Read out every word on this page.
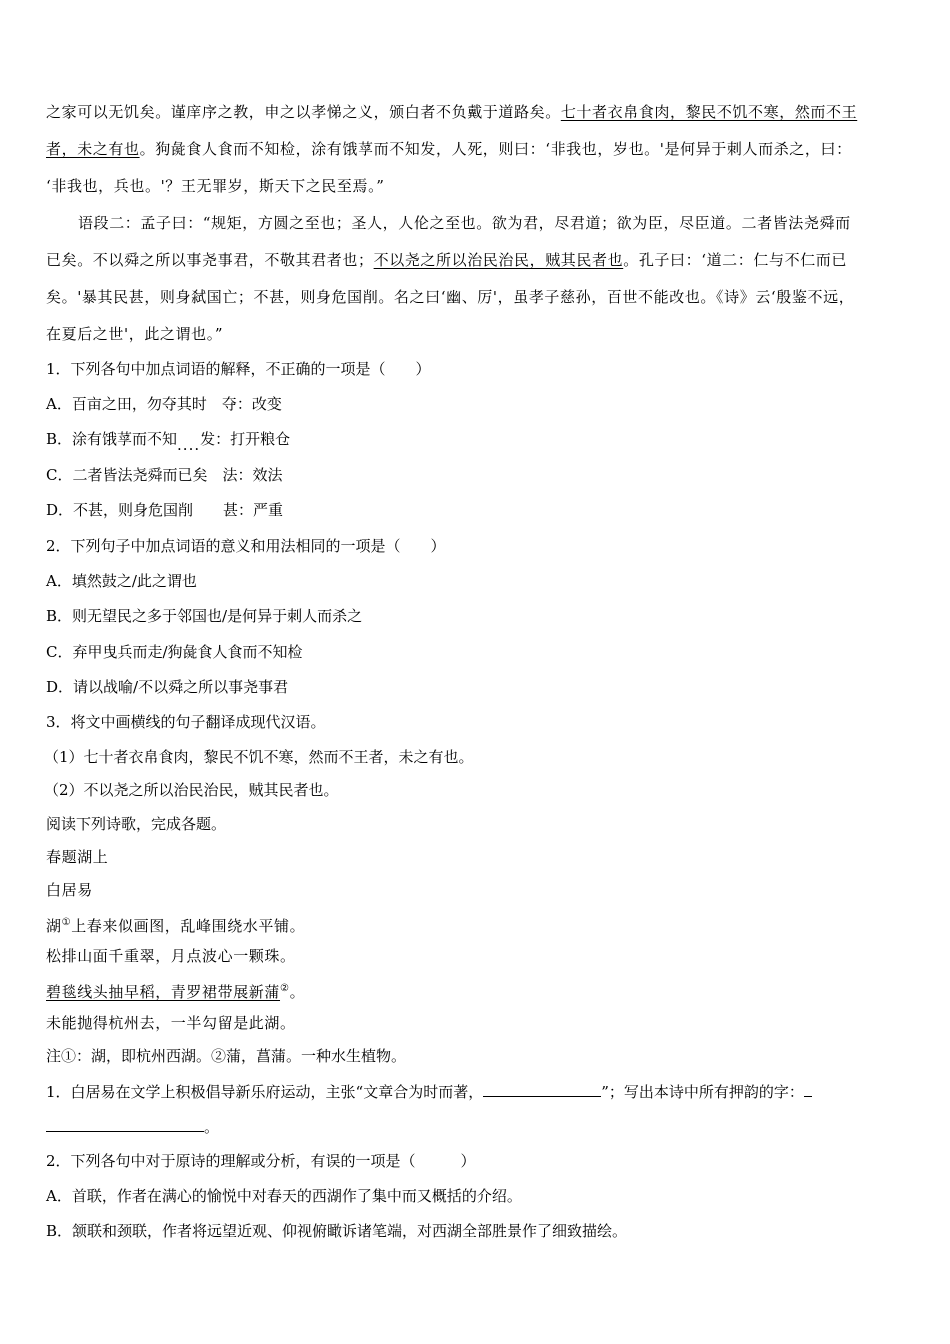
之家可以无饥矣。谨庠序之教，申之以孝悌之义，颁白者不负戴于道路矣。七十者衣帛食肉，黎民不饥不寒，然而不王
者，未之有也。狗彘食人食而不知检，涂有饿莩而不知发，人死，则曰：‘非我也，岁也。'是何异于刺人而杀之，曰：
‘非我也，兵也。'？王无罪岁，斯天下之民至焉。”
语段二：孟子曰：“规矩，方圆之至也；圣人，人伦之至也。欲为君，尽君道；欲为臣，尽臣道。二者皆法尧舜而
已矣。不以舜之所以事尧事君，不敬其君者也；不以尧之所以治民治民，贼其民者也。孔子曰：‘道二：仁与不仁而已
矣。'暴其民甚，则身弑国亡；不甚，则身危国削。名之曰‘幽、厉'，虽孝子慈孙，百世不能改也。《诗》云‘殷鉴不远，
在夏后之世'，此之谓也。”
1．下列各句中加点词语的解释，不正确的一项是（　　）
A．百亩之田，勿夺其时　夺：改变
B．涂有饿莩而不知....发：打开粮仓
C．二者皆法尧舜而已矣　法：效法
D．不甚，则身危国削　　甚：严重
2．下列句子中加点词语的意义和用法相同的一项是（　　）
A．填然鼓之/此之谓也
B．则无望民之多于邻国也/是何异于刺人而杀之
C．弃甲曳兵而走/狗彘食人食而不知检
D．请以战喻/不以舜之所以事尧事君
3．将文中画横线的句子翻译成现代汉语。
（1）七十者衣帛食肉，黎民不饥不寒，然而不王者，未之有也。
（2）不以尧之所以治民治民，贼其民者也。
阅读下列诗歌，完成各题。
春题湖上
白居易
湖①上春来似画图，乱峰围绕水平铺。
松排山面千重翠，月点波心一颗珠。
碧毯线头抽早稻，青罗裙带展新蒲②。
未能抛得杭州去，一半勾留是此湖。
注①：湖，即杭州西湖。②蒲，菖蒲。一种水生植物。
1．白居易在文学上积极倡导新乐府运动，主张“文章合为时而著，	”；写出本诗中所有押韵的字：
。
2．下列各句中对于原诗的理解或分析，有误的一项是（　　　）
A．首联，作者在满心的愉悦中对春天的西湖作了集中而又概括的介绍。
B．颔联和颈联，作者将远望近观、仰视俯瞰诉诸笔端，对西湖全部胜景作了细致描绘。
